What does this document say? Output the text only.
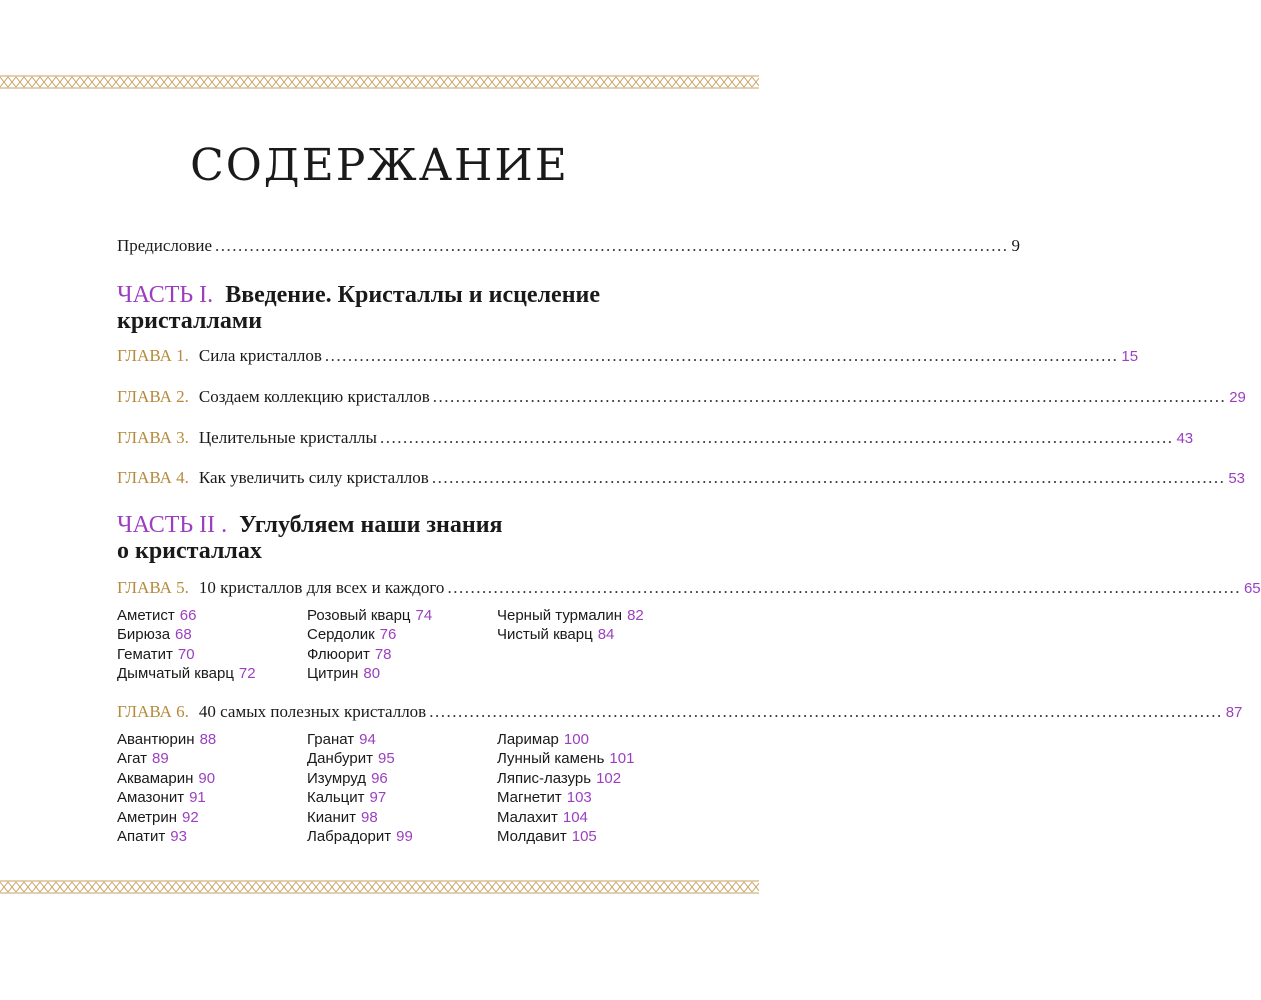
СОДЕРЖАНИЕ
Предисловие .......................................................................................................................................... 9
ЧАСТЬ I. Введение. Кристаллы и исцеление
кристаллами
ГЛАВА 1. Сила кристаллов .......................................................................................................................................... 15
ГЛАВА 2. Создаем коллекцию кристаллов .......................................................................................................................................... 29
ГЛАВА 3. Целительные кристаллы .......................................................................................................................................... 43
ГЛАВА 4. Как увеличить силу кристаллов .......................................................................................................................................... 53
ЧАСТЬ II . Углубляем наши знания
о кристаллах
ГЛАВА 5. 10 кристаллов для всех и каждого .......................................................................................................................................... 65
Аметист 66	Розовый кварц 74	Черный турмалин 82
Бирюза 68	Сердолик 76	Чистый кварц 84
Гематит 70	Флюорит 78
Дымчатый кварц 72	Цитрин 80
ГЛАВА 6. 40 самых полезных кристаллов .......................................................................................................................................... 87
Авантюрин 88	Гранат 94	Ларимар 100
Агат 89	Данбурит 95	Лунный камень 101
Аквамарин 90	Изумруд 96	Ляпис-лазурь 102
Амазонит 91	Кальцит 97	Магнетит 103
Аметрин 92	Кианит 98	Малахит 104
Апатит 93	Лабрадорит 99	Молдавит 105
